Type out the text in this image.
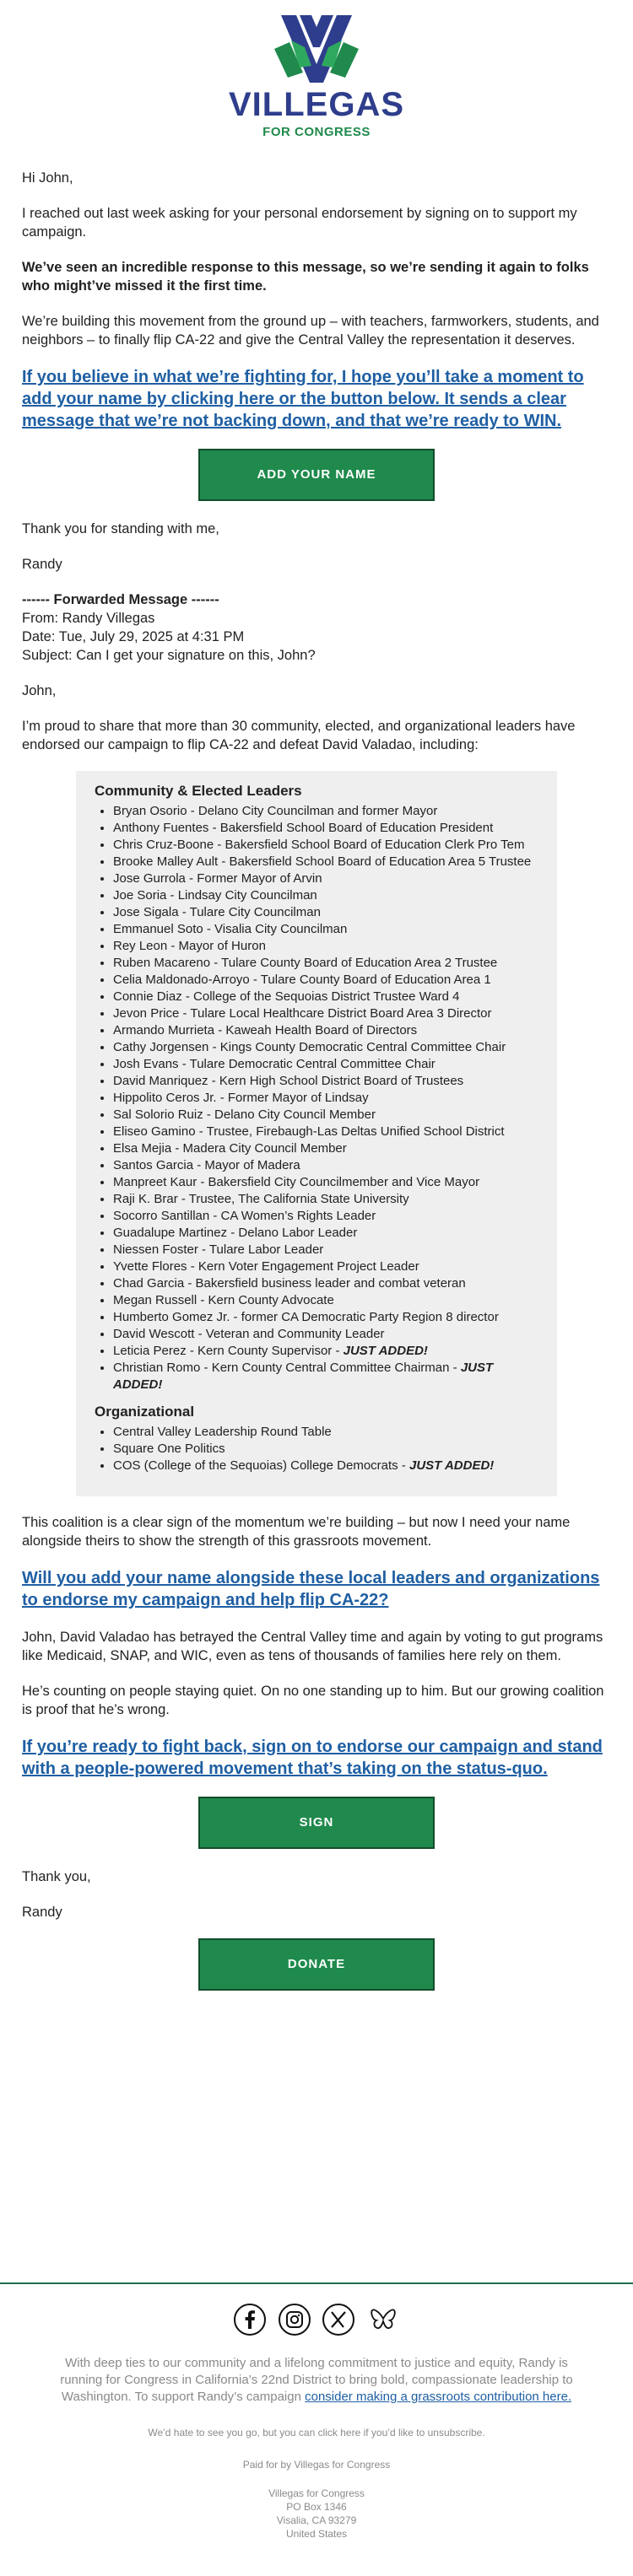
VILLEGAS
FOR CONGRESS

Hi John,

I reached out last week asking for your personal endorsement by signing on to support my campaign.

We’ve seen an incredible response to this message, so we’re sending it again to folks who might’ve missed it the first time.

We’re building this movement from the ground up – with teachers, farmworkers, students, and neighbors – to finally flip CA-22 and give the Central Valley the representation it deserves.

If you believe in what we’re fighting for, I hope you’ll take a moment to add your name by clicking here or the button below. It sends a clear message that we’re not backing down, and that we’re ready to WIN.

ADD YOUR NAME

Thank you for standing with me,

Randy

------ Forwarded Message ------
From: Randy Villegas
Date: Tue, July 29, 2025 at 4:31 PM
Subject: Can I get your signature on this, John?

John,

I’m proud to share that more than 30 community, elected, and organizational leaders have endorsed our campaign to flip CA-22 and defeat David Valadao, including:

Community & Elected Leaders
• Bryan Osorio - Delano City Councilman and former Mayor
• Anthony Fuentes - Bakersfield School Board of Education President
• Chris Cruz-Boone - Bakersfield School Board of Education Clerk Pro Tem
• Brooke Malley Ault - Bakersfield School Board of Education Area 5 Trustee
• Jose Gurrola - Former Mayor of Arvin
• Joe Soria - Lindsay City Councilman
• Jose Sigala - Tulare City Councilman
• Emmanuel Soto - Visalia City Councilman
• Rey Leon - Mayor of Huron
• Ruben Macareno - Tulare County Board of Education Area 2 Trustee
• Celia Maldonado-Arroyo - Tulare County Board of Education Area 1
• Connie Diaz - College of the Sequoias District Trustee Ward 4
• Jevon Price - Tulare Local Healthcare District Board Area 3 Director
• Armando Murrieta - Kaweah Health Board of Directors
• Cathy Jorgensen - Kings County Democratic Central Committee Chair
• Josh Evans - Tulare Democratic Central Committee Chair
• David Manriquez - Kern High School District Board of Trustees
• Hippolito Ceros Jr. - Former Mayor of Lindsay
• Sal Solorio Ruiz - Delano City Council Member
• Eliseo Gamino - Trustee, Firebaugh-Las Deltas Unified School District
• Elsa Mejia - Madera City Council Member
• Santos Garcia - Mayor of Madera
• Manpreet Kaur - Bakersfield City Councilmember and Vice Mayor
• Raji K. Brar - Trustee, The California State University
• Socorro Santillan - CA Women’s Rights Leader
• Guadalupe Martinez - Delano Labor Leader
• Niessen Foster - Tulare Labor Leader
• Yvette Flores - Kern Voter Engagement Project Leader
• Chad Garcia - Bakersfield business leader and combat veteran
• Megan Russell - Kern County Advocate
• Humberto Gomez Jr. - former CA Democratic Party Region 8 director
• David Wescott - Veteran and Community Leader
• Leticia Perez - Kern County Supervisor - JUST ADDED!
• Christian Romo - Kern County Central Committee Chairman - JUST ADDED!
Organizational
• Central Valley Leadership Round Table
• Square One Politics
• COS (College of the Sequoias) College Democrats - JUST ADDED!

This coalition is a clear sign of the momentum we’re building – but now I need your name alongside theirs to show the strength of this grassroots movement.

Will you add your name alongside these local leaders and organizations to endorse my campaign and help flip CA-22?

John, David Valadao has betrayed the Central Valley time and again by voting to gut programs like Medicaid, SNAP, and WIC, even as tens of thousands of families here rely on them.

He’s counting on people staying quiet. On no one standing up to him. But our growing coalition is proof that he’s wrong.

If you’re ready to fight back, sign on to endorse our campaign and stand with a people-powered movement that’s taking on the status-quo.

SIGN

Thank you,

Randy

DONATE

With deep ties to our community and a lifelong commitment to justice and equity, Randy is running for Congress in California’s 22nd District to bring bold, compassionate leadership to Washington. To support Randy’s campaign consider making a grassroots contribution here.
We’d hate to see you go, but you can click here if you’d like to unsubscribe.
Paid for by Villegas for Congress
Villegas for Congress
PO Box 1346
Visalia, CA 93279
United States
